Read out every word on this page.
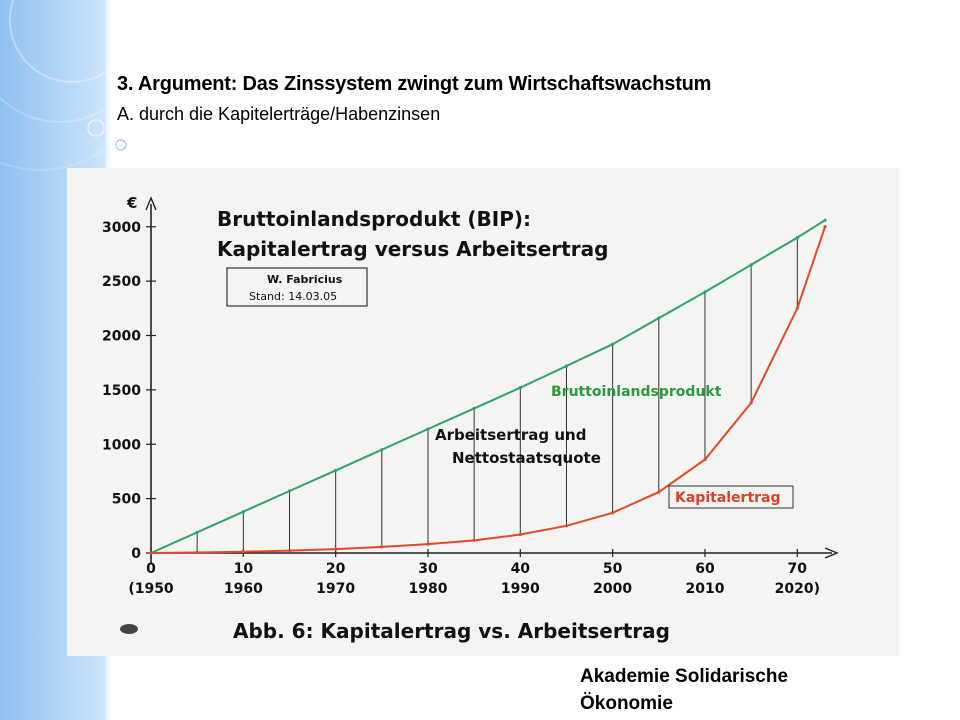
3. Argument: Das Zinssystem zwingt zum Wirtschaftswachstum
A. durch die Kapitelerträge/Habenzinsen
€
0
500
1000
1500
2000
2500
3000
0
(1950
10
1960
20
1970
30
1980
40
1990
50
2000
60
2010
70
2020)
Bruttoinlandsprodukt (BIP):
Kapitalertrag versus Arbeitsertrag
W. Fabricius
Stand: 14.03.05
Arbeitsertrag und
Nettostaatsquote
Bruttoinlandsprodukt
Kapitalertrag
Abb. 6: Kapitalertrag vs. Arbeitsertrag
Akademie Solidarische
Ökonomie
